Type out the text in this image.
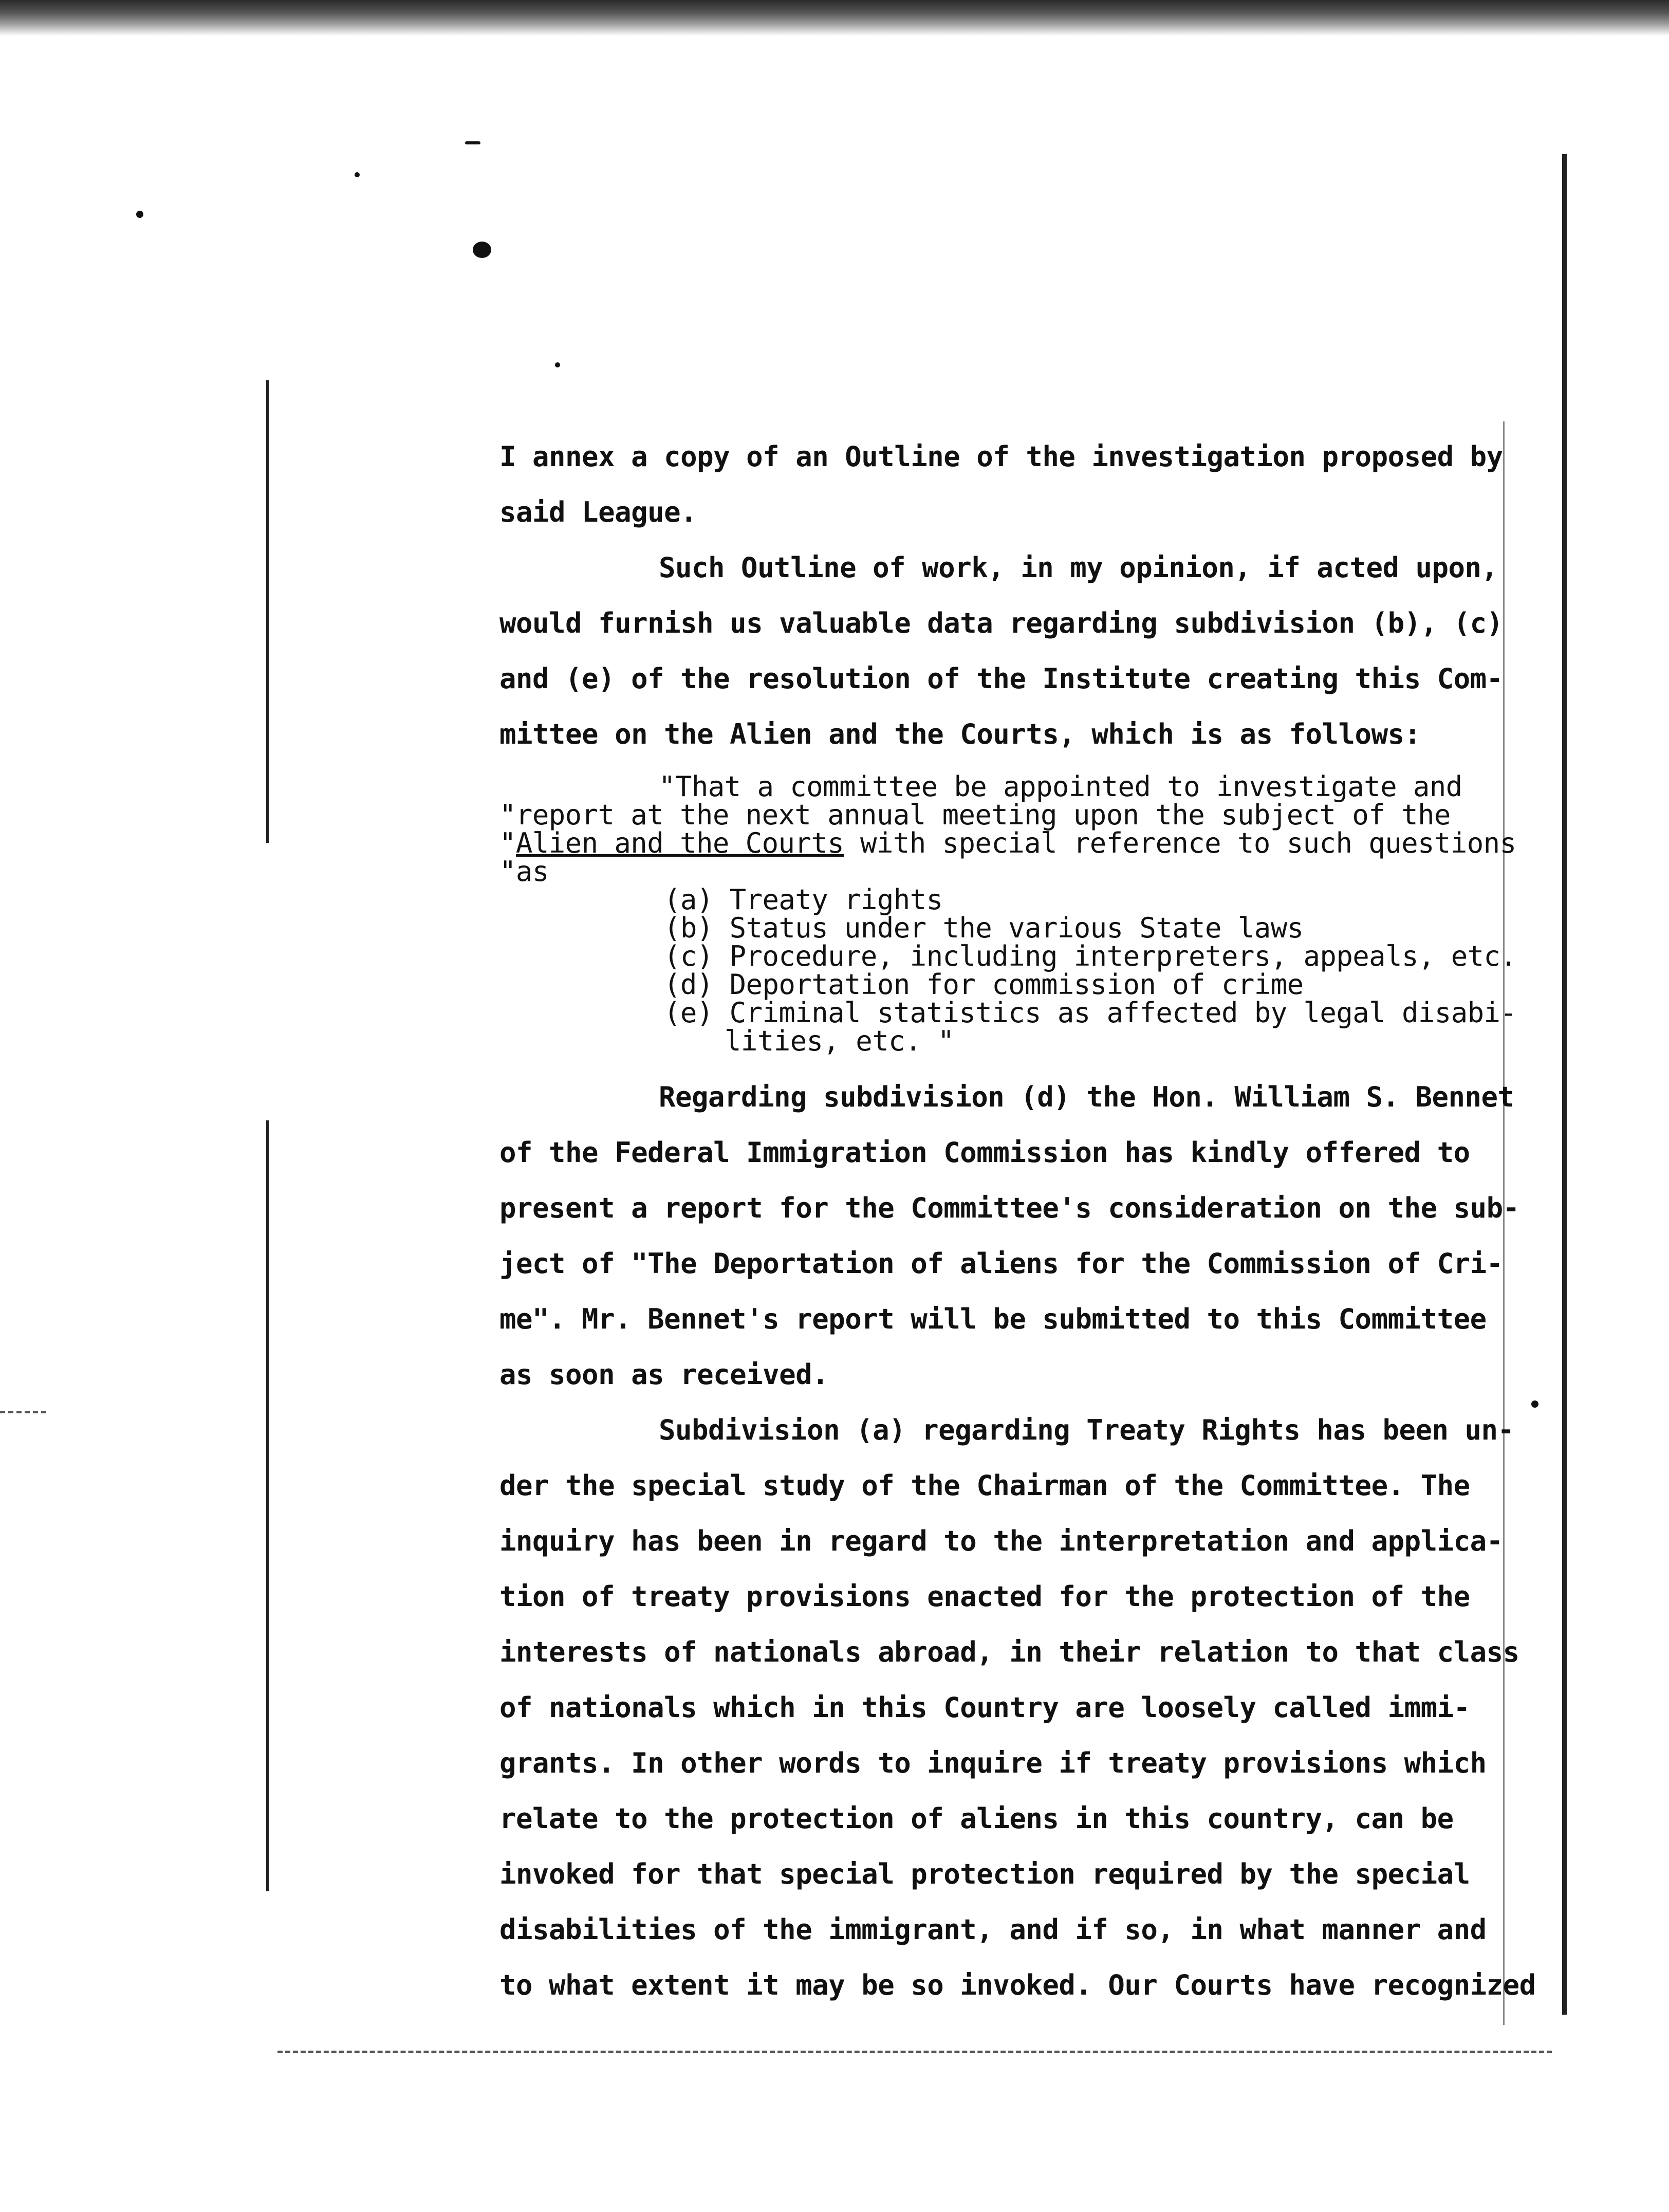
I annex a copy of an Outline of the investigation proposed by
said League.
Such Outline of work, in my opinion, if acted upon,
would furnish us valuable data regarding subdivision (b), (c)
and (e) of the resolution of the Institute creating this Com-
mittee on the Alien and the Courts, which is as follows:
"That a committee be appointed to investigate and
"report at the next annual meeting upon the subject of the
"Alien and the Courts with special reference to such questions
"as
(a) Treaty rights
(b) Status under the various State laws
(c) Procedure, including interpreters, appeals, etc.
(d) Deportation for commission of crime
(e) Criminal statistics as affected by legal disabi-
lities, etc. "
Regarding subdivision (d) the Hon. William S. Bennet
of the Federal Immigration Commission has kindly offered to
present a report for the Committee's consideration on the sub-
ject of "The Deportation of aliens for the Commission of Cri-
me". Mr. Bennet's report will be submitted to this Committee
as soon as received.
Subdivision (a) regarding Treaty Rights has been un-
der the special study of the Chairman of the Committee. The
inquiry has been in regard to the interpretation and applica-
tion of treaty provisions enacted for the protection of the
interests of nationals abroad, in their relation to that class
of nationals which in this Country are loosely called immi-
grants. In other words to inquire if treaty provisions which
relate to the protection of aliens in this country, can be
invoked for that special protection required by the special
disabilities of the immigrant, and if so, in what manner and
to what extent it may be so invoked. Our Courts have recognized
